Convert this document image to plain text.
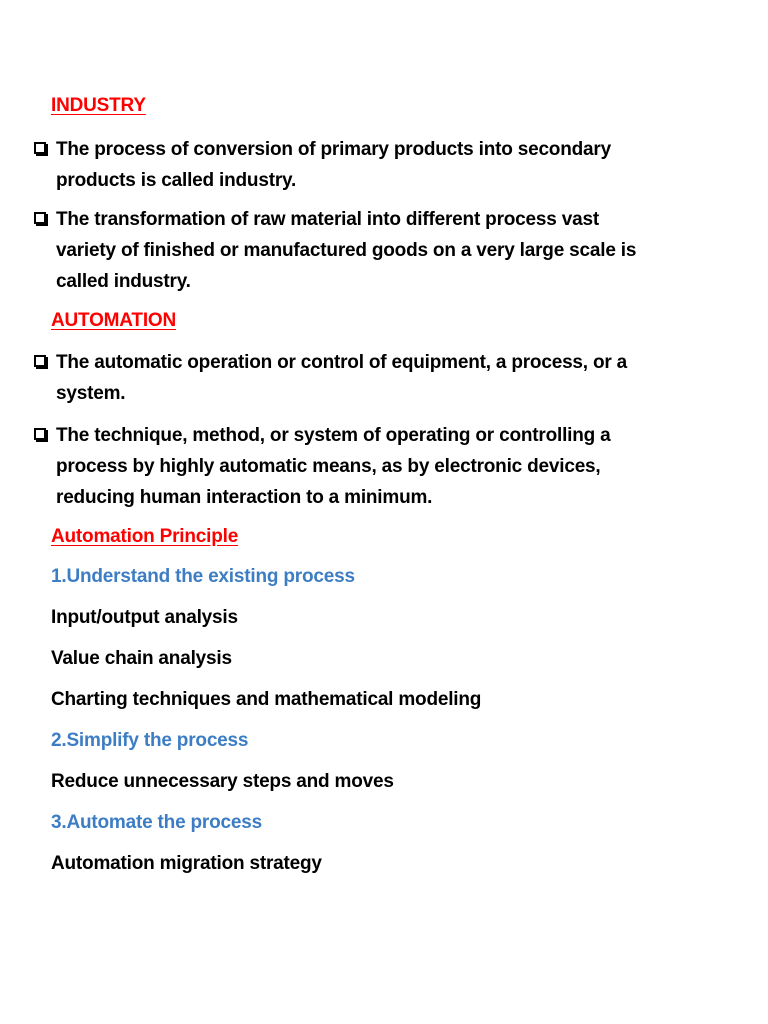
INDUSTRY
The process of conversion of primary products into secondary
products is called industry.
The transformation of raw material into different process vast
variety of finished or manufactured goods on a very large scale is
called industry.
AUTOMATION
The automatic operation or control of equipment, a process, or a
system.
The technique, method, or system of operating or controlling a
process by highly automatic means, as by electronic devices,
reducing human interaction to a minimum.
Automation Principle
1.Understand the existing process
Input/output analysis
Value chain analysis
Charting techniques and mathematical modeling
2.Simplify the process
Reduce unnecessary steps and moves
3.Automate the process
Automation migration strategy
